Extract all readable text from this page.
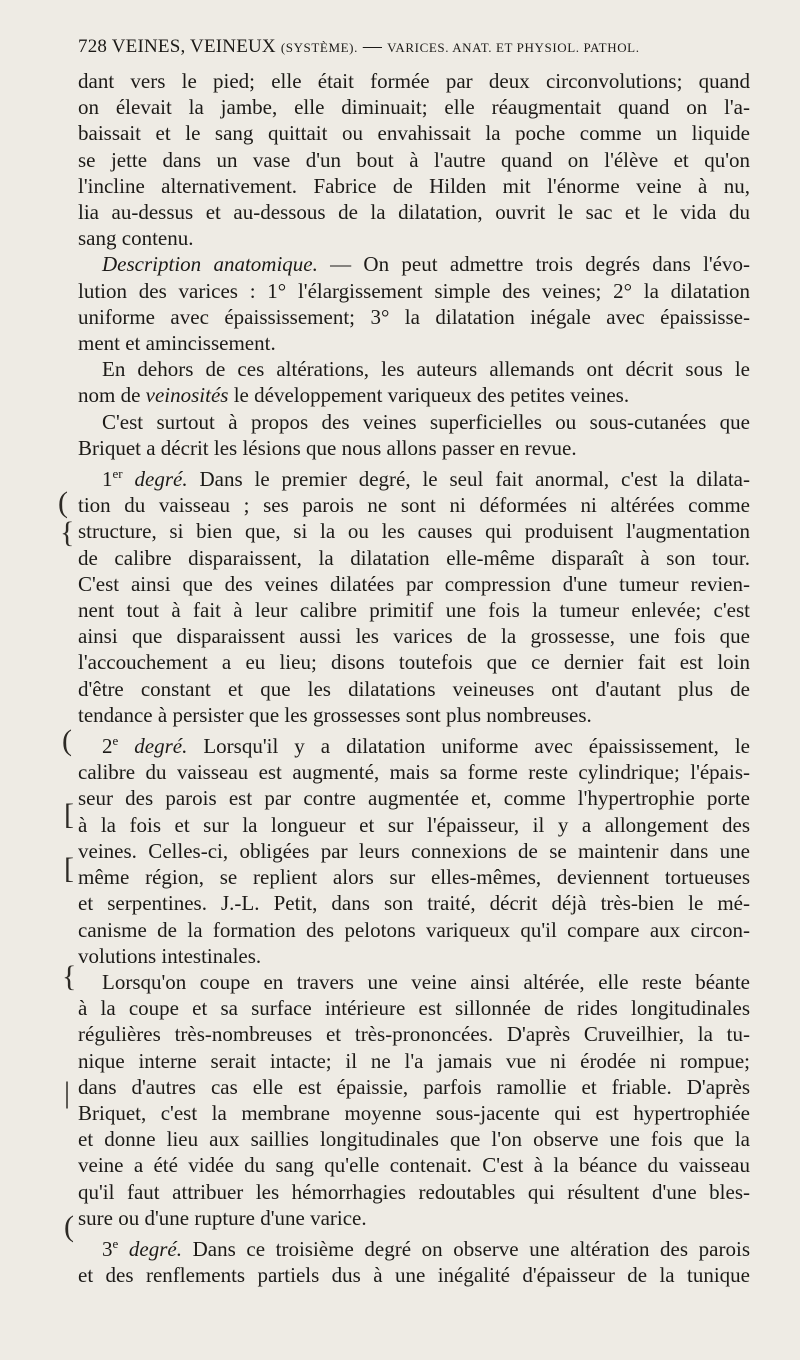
728 VEINES, VEINEUX (SYSTÈME). — VARICES. ANAT. ET PHYSIOL. PATHOL.

dant vers le pied; elle était formée par deux circonvolutions; quand
on élevait la jambe, elle diminuait; elle réaugmentait quand on l'a-
baissait et le sang quittait ou envahissait la poche comme un liquide
se jette dans un vase d'un bout à l'autre quand on l'élève et qu'on
l'incline alternativement. Fabrice de Hilden mit l'énorme veine à nu,
lia au-dessus et au-dessous de la dilatation, ouvrit le sac et le vida du
sang contenu.

Description anatomique. — On peut admettre trois degrés dans l'évo-
lution des varices : 1° l'élargissement simple des veines; 2° la dilatation
uniforme avec épaississement; 3° la dilatation inégale avec épaississe-
ment et amincissement.

En dehors de ces altérations, les auteurs allemands ont décrit sous le
nom de veinosités le développement variqueux des petites veines.

C'est surtout à propos des veines superficielles ou sous-cutanées que
Briquet a décrit les lésions que nous allons passer en revue.

1er degré. Dans le premier degré, le seul fait anormal, c'est la dilata-
tion du vaisseau ; ses parois ne sont ni déformées ni altérées comme
structure, si bien que, si la ou les causes qui produisent l'augmentation
de calibre disparaissent, la dilatation elle-même disparaît à son tour.
C'est ainsi que des veines dilatées par compression d'une tumeur revien-
nent tout à fait à leur calibre primitif une fois la tumeur enlevée; c'est
ainsi que disparaissent aussi les varices de la grossesse, une fois que
l'accouchement a eu lieu; disons toutefois que ce dernier fait est loin
d'être constant et que les dilatations veineuses ont d'autant plus de
tendance à persister que les grossesses sont plus nombreuses.

2e degré. Lorsqu'il y a dilatation uniforme avec épaississement, le
calibre du vaisseau est augmenté, mais sa forme reste cylindrique; l'épais-
seur des parois est par contre augmentée et, comme l'hypertrophie porte
à la fois et sur la longueur et sur l'épaisseur, il y a allongement des
veines. Celles-ci, obligées par leurs connexions de se maintenir dans une
même région, se replient alors sur elles-mêmes, deviennent tortueuses
et serpentines. J.-L. Petit, dans son traité, décrit déjà très-bien le mé-
canisme de la formation des pelotons variqueux qu'il compare aux circon-
volutions intestinales.

Lorsqu'on coupe en travers une veine ainsi altérée, elle reste béante
à la coupe et sa surface intérieure est sillonnée de rides longitudinales
régulières très-nombreuses et très-prononcées. D'après Cruveilhier, la tu-
nique interne serait intacte; il ne l'a jamais vue ni érodée ni rompue;
dans d'autres cas elle est épaissie, parfois ramollie et friable. D'après
Briquet, c'est la membrane moyenne sous-jacente qui est hypertrophiée
et donne lieu aux saillies longitudinales que l'on observe une fois que la
veine a été vidée du sang qu'elle contenait. C'est à la béance du vaisseau
qu'il faut attribuer les hémorrhagies redoutables qui résultent d'une bles-
sure ou d'une rupture d'une varice.

3e degré. Dans ce troisième degré on observe une altération des parois
et des renflements partiels dus à une inégalité d'épaisseur de la tunique

(
{
(
[
[
{
|
(
